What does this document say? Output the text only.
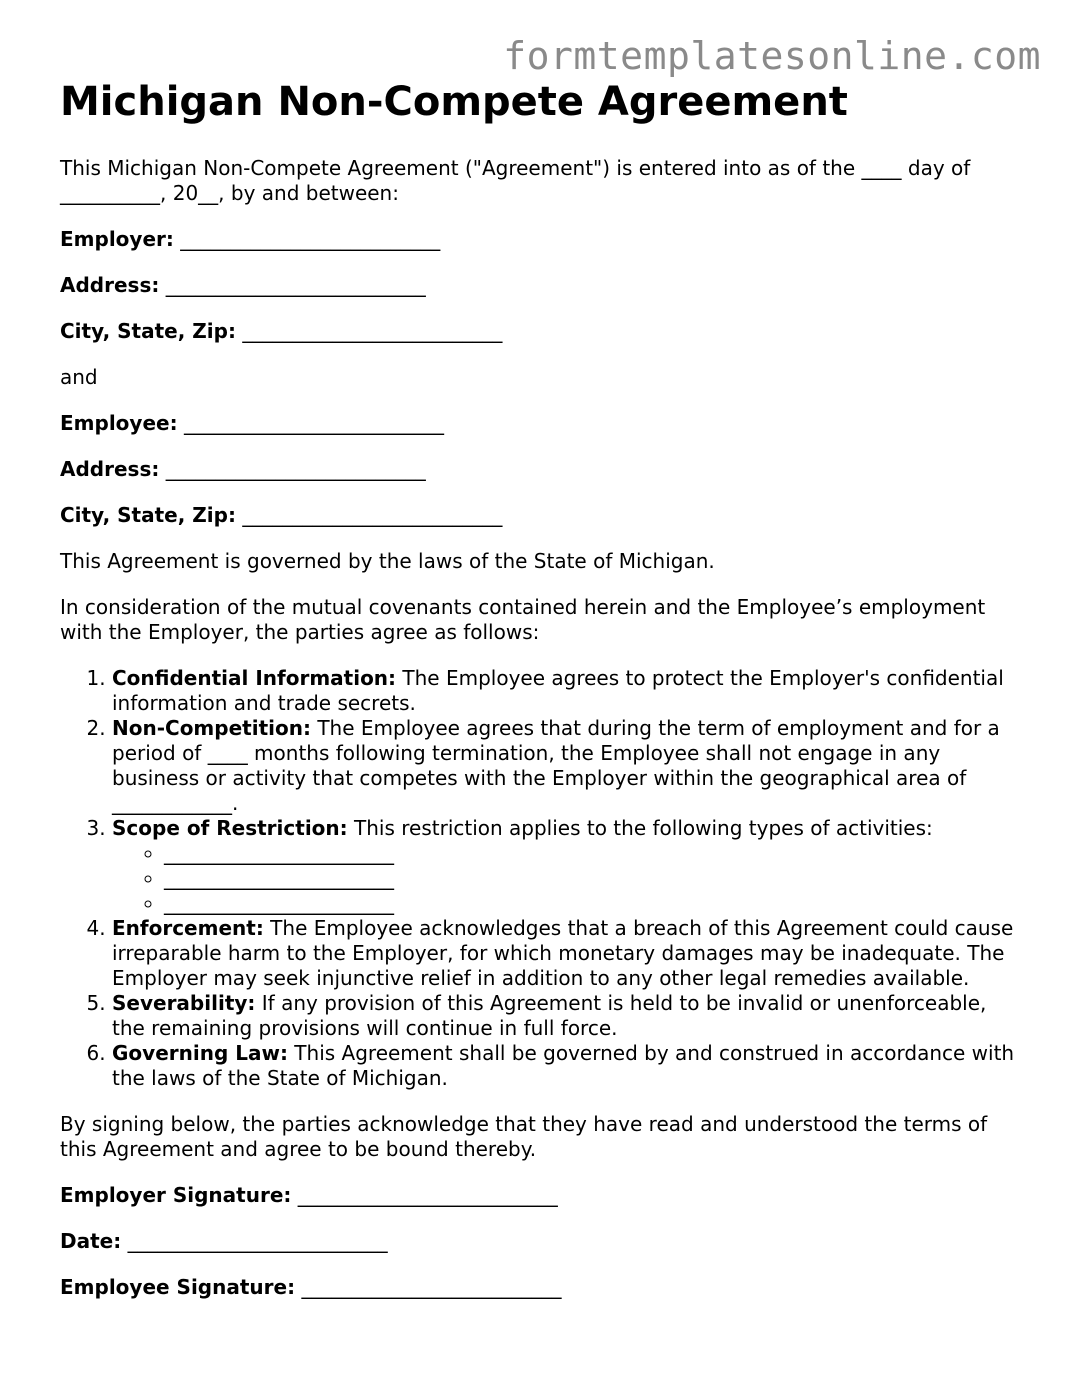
formtemplatesonline.com
Michigan Non-Compete Agreement

This Michigan Non-Compete Agreement ("Agreement") is entered into as of the ____ day of __________, 20__, by and between:

Employer: __________________________
Address: __________________________
City, State, Zip: __________________________

and

Employee: __________________________
Address: __________________________
City, State, Zip: __________________________

This Agreement is governed by the laws of the State of Michigan.

In consideration of the mutual covenants contained herein and the Employee’s employment with the Employer, the parties agree as follows:

1. Confidential Information: The Employee agrees to protect the Employer's confidential information and trade secrets.
2. Non-Competition: The Employee agrees that during the term of employment and for a period of ____ months following termination, the Employee shall not engage in any business or activity that competes with the Employer within the geographical area of ____________.
3. Scope of Restriction: This restriction applies to the following types of activities:
◦ _______________________
◦ _______________________
◦ _______________________
4. Enforcement: The Employee acknowledges that a breach of this Agreement could cause irreparable harm to the Employer, for which monetary damages may be inadequate. The Employer may seek injunctive relief in addition to any other legal remedies available.
5. Severability: If any provision of this Agreement is held to be invalid or unenforceable, the remaining provisions will continue in full force.
6. Governing Law: This Agreement shall be governed by and construed in accordance with the laws of the State of Michigan.

By signing below, the parties acknowledge that they have read and understood the terms of this Agreement and agree to be bound thereby.

Employer Signature: __________________________
Date: __________________________
Employee Signature: __________________________
